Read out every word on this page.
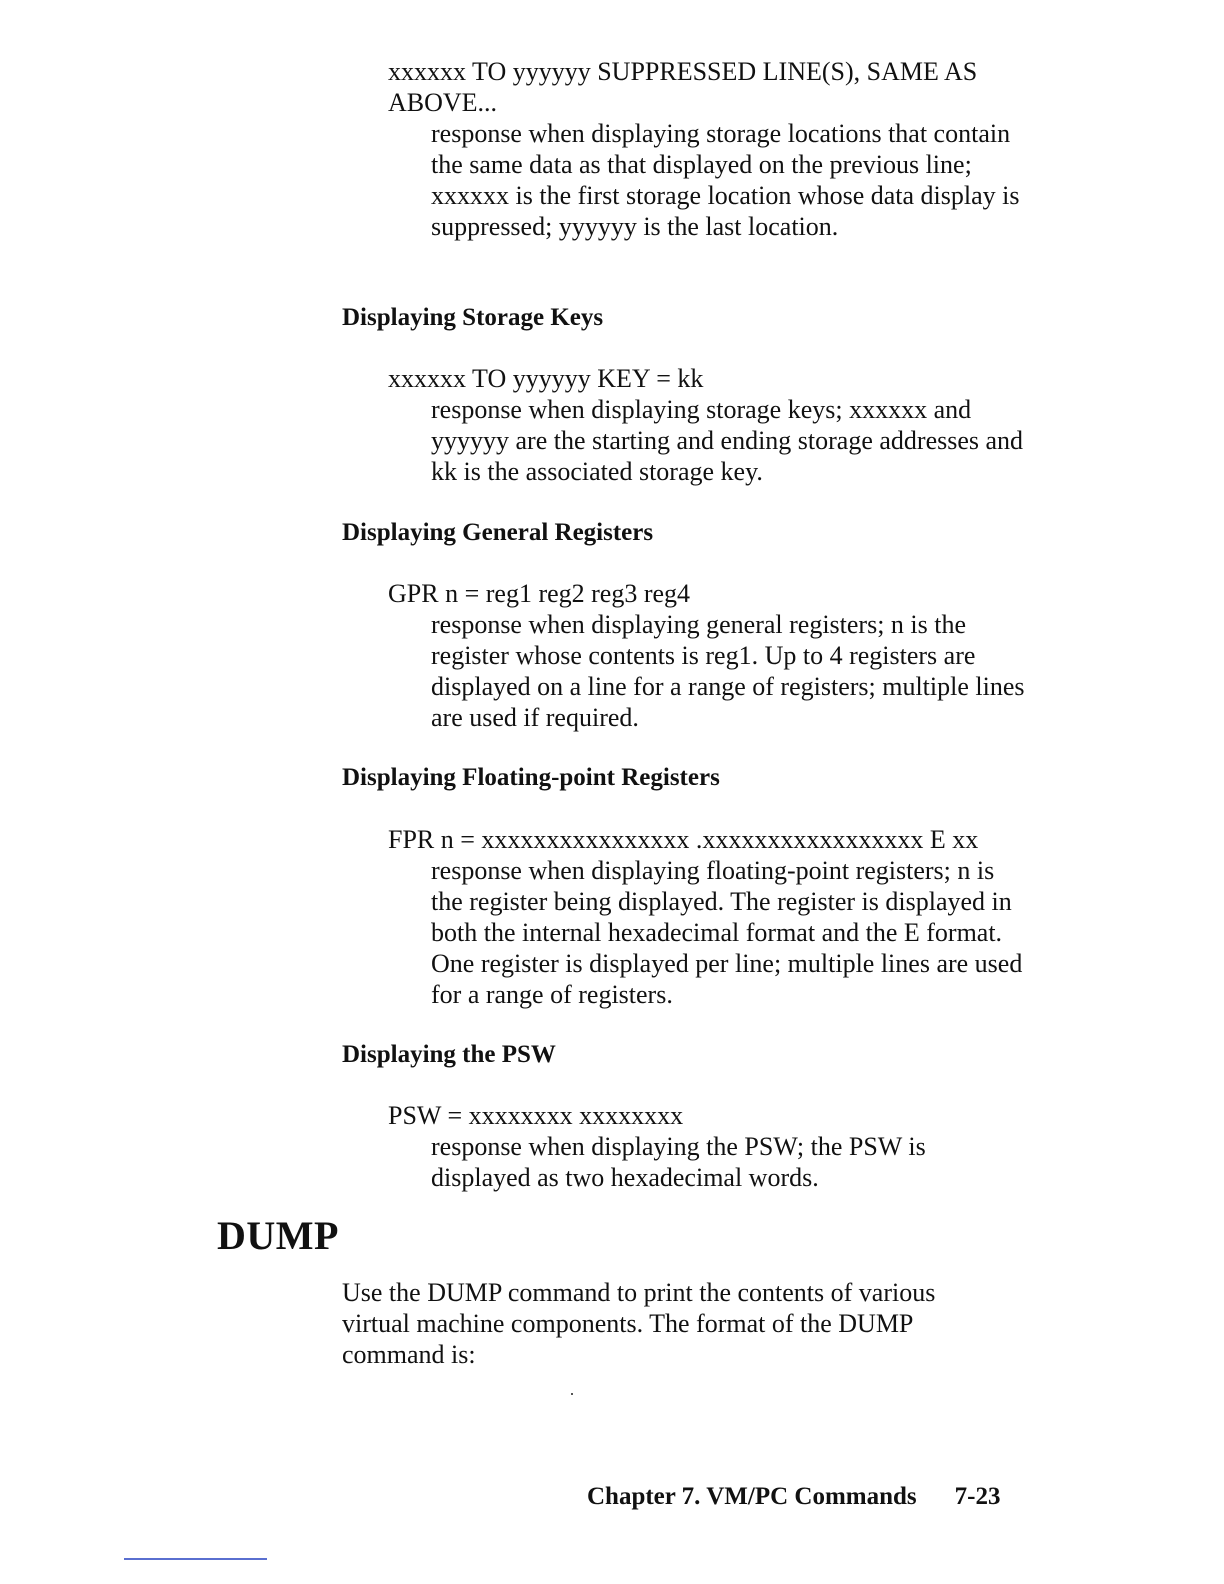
xxxxxx TO yyyyyy SUPPRESSED LINE(S), SAME AS ABOVE...

response when displaying storage locations that contain the same data as that displayed on the previous line; xxxxxx is the first storage location whose data display is suppressed; yyyyyy is the last location.

Displaying Storage Keys

xxxxxx TO yyyyyy KEY = kk

response when displaying storage keys; xxxxxx and yyyyyy are the starting and ending storage addresses and kk is the associated storage key.

Displaying General Registers

GPR n = reg1 reg2 reg3 reg4

response when displaying general registers; n is the register whose contents is reg1. Up to 4 registers are displayed on a line for a range of registers; multiple lines are used if required.

Displaying Floating-point Registers

FPR n = xxxxxxxxxxxxxxxx .xxxxxxxxxxxxxxxxx E xx

response when displaying floating-point registers; n is the register being displayed. The register is displayed in both the internal hexadecimal format and the E format. One register is displayed per line; multiple lines are used for a range of registers.

Displaying the PSW

PSW = xxxxxxxx xxxxxxxx

response when displaying the PSW; the PSW is displayed as two hexadecimal words.

DUMP

Use the DUMP command to print the contents of various virtual machine components. The format of the DUMP command is:

Chapter 7. VM/PC Commands 7-23
